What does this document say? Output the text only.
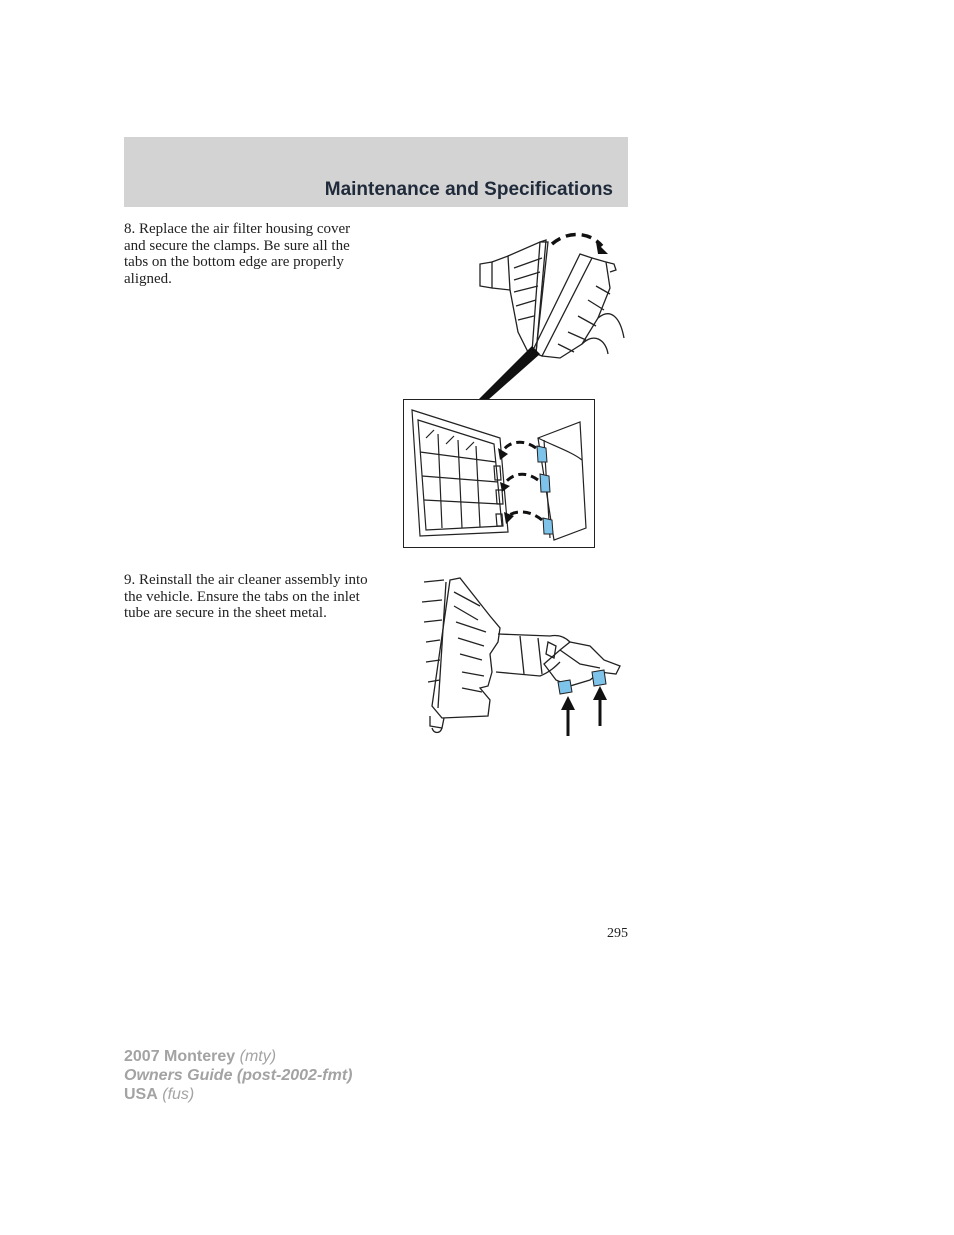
Maintenance and Specifications
8. Replace the air filter housing cover and secure the clamps. Be sure all the tabs on the bottom edge are properly aligned.
9. Reinstall the air cleaner assembly into the vehicle. Ensure the tabs on the inlet tube are secure in the sheet metal.
295
2007 Monterey (mty)
Owners Guide (post-2002-fmt)
USA (fus)
